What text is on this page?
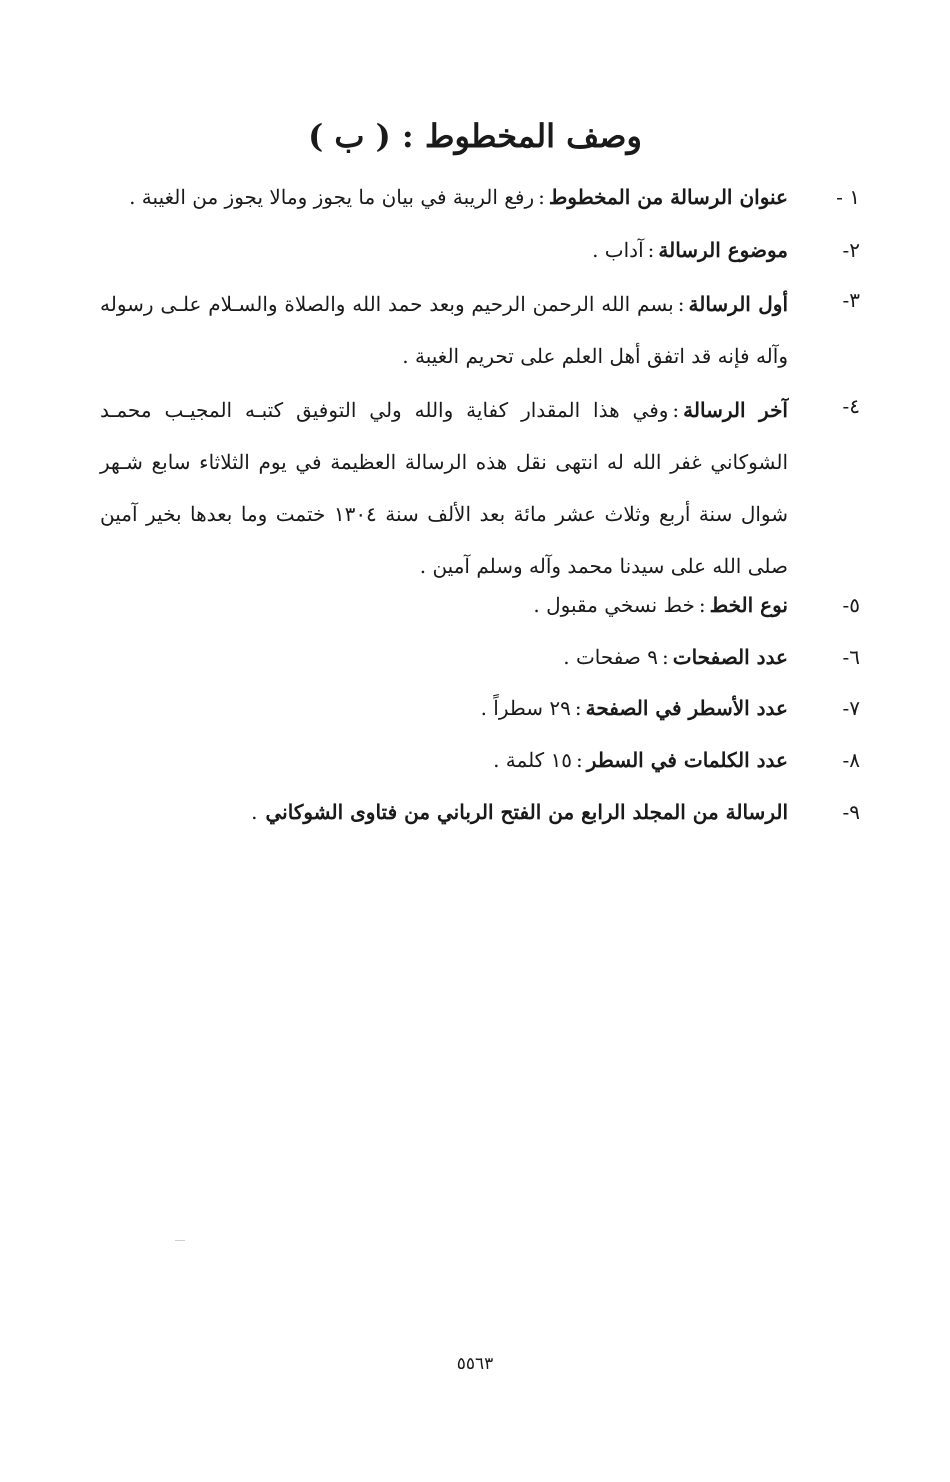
وصف المخطوط : ( ب )
١ -
عنوان الرسالة من المخطوط:رفع الريبة في بيان ما يجوز ومالا يجوز من الغيبة .
٢-
موضوع الرسالة:آداب .
٣-
أول الرسالة:بسم الله الرحمن الرحيم وبعد حمد الله والصلاة والسـلام علـى رسوله وآله فإنه قد اتفق أهل العلم على تحريم الغيبة .
٤-
آخر الرسالة:وفي هذا المقدار كفاية والله ولي التوفيق كتبـه المجيـب محمـد الشوكاني غفر الله له انتهى نقل هذه الرسالة العظيمة في يوم الثلاثاء سابع شـهر شوال سنة أربع وثلاث عشر مائة بعد الألف سنة ١٣٠٤ ختمت وما بعدها بخير آمين صلى الله على سيدنا محمد وآله وسلم آمين .
٥-
نوع الخط:خط نسخي مقبول .
٦-
عدد الصفحات:٩ صفحات .
٧-
عدد الأسطر في الصفحة:٢٩ سطراً .
٨-
عدد الكلمات في السطر:١٥ كلمة .
٩-
الرسالة من المجلد الرابع من الفتح الرباني من فتاوى الشوكاني.
٥٥٦٣
